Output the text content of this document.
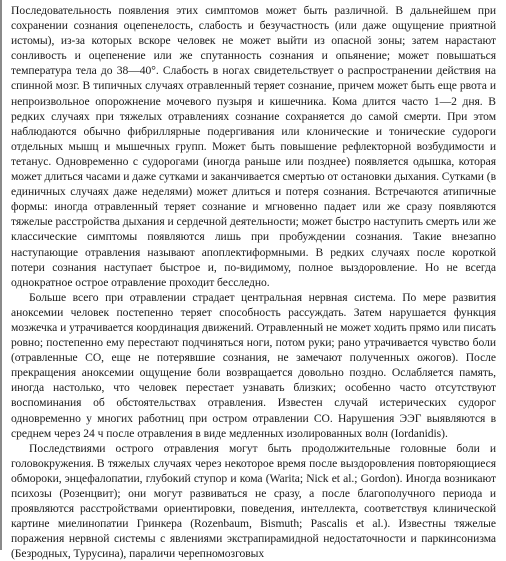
Последовательность появления этих симптомов может быть различной. В дальнейшем при сохранении сознания оцепенелость, слабость и безучастность (или даже ощущение приятной истомы), из-за которых вскоре человек не может выйти из опасной зоны; затем нарастают сонливость и оцепенение или же спутанность сознания и опьянение; может повышаться температура тела до 38—40°. Слабость в ногах свидетельствует о распространении действия на спинной мозг. В типичных случаях отравленный теряет сознание, причем может быть еще рвота и непроизвольное опорожнение мочевого пузыря и кишечника. Кома длится часто 1—2 дня. В редких случаях при тяжелых отравлениях сознание сохраняется до самой смерти. При этом наблюдаются обычно фибриллярные подергивания или клонические и тонические судороги отдельных мышц и мышечных групп. Может быть повышение рефлекторной возбудимости и тетанус. Одновременно с судорогами (иногда раньше или позднее) появляется одышка, которая может длиться часами и даже сутками и заканчивается смертью от остановки дыхания. Сутками (в единичных случаях даже неделями) может длиться и потеря сознания. Встречаются атипичные формы: иногда отравленный теряет сознание и мгновенно падает или же сразу появляются тяжелые расстройства дыхания и сердечной деятельности; может быстро наступить смерть или же классические симптомы появляются лишь при пробуждении сознания. Такие внезапно наступающие отравления называют апоплектиформными. В редких случаях после короткой потери сознания наступает быстрое и, по-видимому, полное выздоровление. Но не всегда однократное острое отравление проходит бесследно.

Больше всего при отравлении страдает центральная нервная система. По мере развития аноксемии человек постепенно теряет способность рассуждать. Затем нарушается функция мозжечка и утрачивается координация движений. Отравленный не может ходить прямо или писать ровно; постепенно ему перестают подчиняться ноги, потом руки; рано утрачивается чувство боли (отравленные СО, еще не потерявшие сознания, не замечают полученных ожогов). После прекращения аноксемии ощущение боли возвращается довольно поздно. Ослабляется память, иногда настолько, что человек перестает узнавать близких; особенно часто отсутствуют воспоминания об обстоятельствах отравления. Известен случай истерических судорог одновременно у многих работниц при остром отравлении СО. Нарушения ЭЭГ выявляются в среднем через 24 ч после отравления в виде медленных изолированных волн (Iordanidis).

Последствиями острого отравления могут быть продолжительные головные боли и головокружения. В тяжелых случаях через некоторое время после выздоровления повторяющиеся обмороки, энцефалопатии, глубокий ступор и кома (Warita; Nick et al.; Gordon). Иногда возникают психозы (Розенцвит); они могут развиваться не сразу, а после благополучного периода и проявляются расстройствами ориентировки, поведения, интеллекта, соответствуя клинической картине миелинопатии Гринкера (Rozenbaum, Bismuth; Pascalis et al.). Известны тяжелые поражения нервной системы с явлениями экстрапирамидной недостаточности и паркинсонизма (Безродных, Турусина), параличи черепномозговых
